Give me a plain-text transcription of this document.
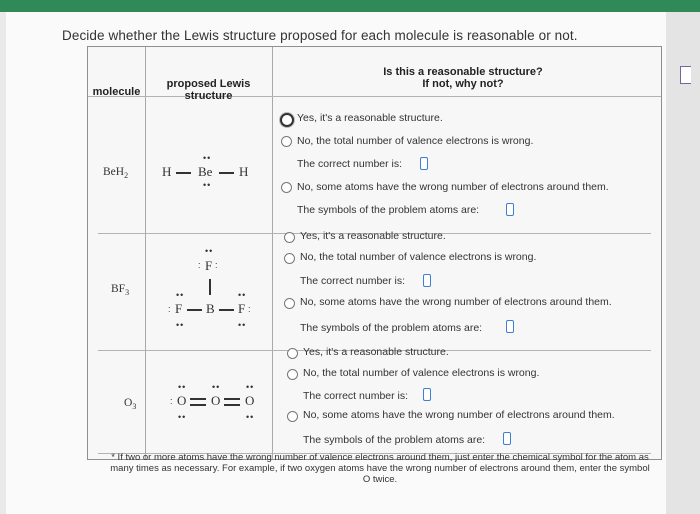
Decide whether the Lewis structure proposed for each molecule is reasonable or not.
molecule
proposed Lewis
structure
Is this a reasonable structure?
If not, why not?
BeH$_2$	H Be
••
••
H
Yes, it's a reasonable structure.
No, the total number of valence electrons is wrong.
The correct number is:
No, some atoms have the wrong number of electrons around them.
The symbols of the problem atoms are:
$BF_3$
••
: F :
••
: F
••
B
••
F :
••
Yes, it's a reasonable structure.
No, the total number of valence electrons is wrong.
The correct number is:
No, some atoms have the wrong number of electrons around them.
The symbols of the problem atoms are:
$O_3$
••
: O
••
••
O
••
O
••
Yes, it's a reasonable structure.
No, the total number of valence electrons is wrong.
The correct number is:
No, some atoms have the wrong number of electrons around them.
The symbols of the problem atoms are:
* If two or more atoms have the wrong number of valence electrons around them, just enter the chemical symbol for the atom as many times as necessary. For example, if two oxygen atoms have the wrong number of electrons around them, enter the symbol O twice.
